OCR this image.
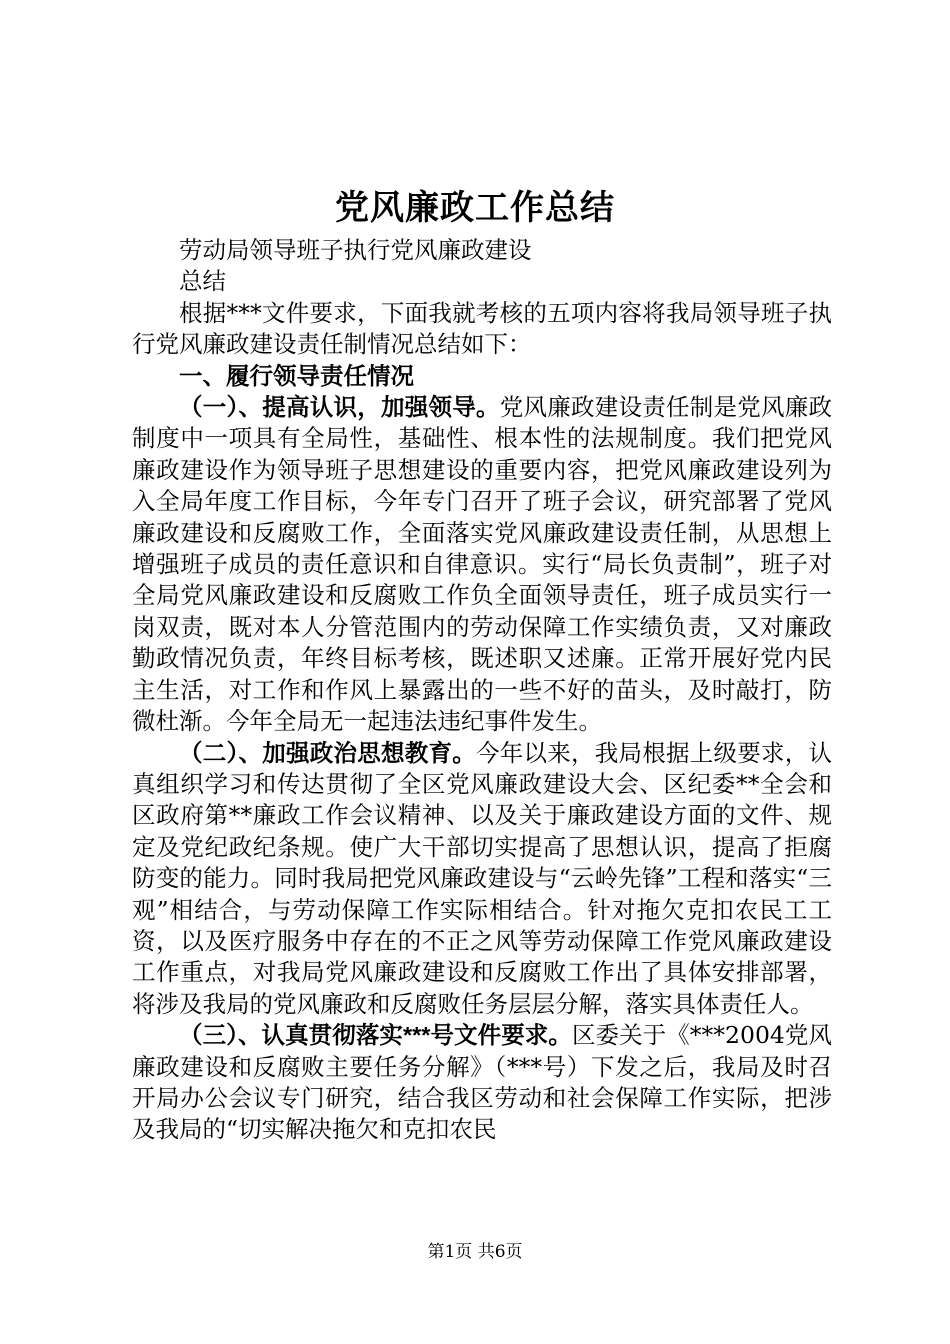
党风廉政工作总结

劳动局领导班子执行党风廉政建设

总结

根据***文件要求，下面我就考核的五项内容将我局领导班子执行党风廉政建设责任制情况总结如下：

一、履行领导责任情况

（一）、提高认识，加强领导。党风廉政建设责任制是党风廉政制度中一项具有全局性，基础性、根本性的法规制度。我们把党风廉政建设作为领导班子思想建设的重要内容，把党风廉政建设列为入全局年度工作目标，今年专门召开了班子会议，研究部署了党风廉政建设和反腐败工作，全面落实党风廉政建设责任制，从思想上增强班子成员的责任意识和自律意识。实行“局长负责制”，班子对全局党风廉政建设和反腐败工作负全面领导责任，班子成员实行一岗双责，既对本人分管范围内的劳动保障工作实绩负责，又对廉政勤政情况负责，年终目标考核，既述职又述廉。正常开展好党内民主生活，对工作和作风上暴露出的一些不好的苗头，及时敲打，防微杜渐。今年全局无一起违法违纪事件发生。

（二）、加强政治思想教育。今年以来，我局根据上级要求，认真组织学习和传达贯彻了全区党风廉政建设大会、区纪委**全会和区政府第**廉政工作会议精神、以及关于廉政建设方面的文件、规定及党纪政纪条规。使广大干部切实提高了思想认识，提高了拒腐防变的能力。同时我局把党风廉政建设与“云岭先锋”工程和落实“三观”相结合，与劳动保障工作实际相结合。针对拖欠克扣农民工工资，以及医疗服务中存在的不正之风等劳动保障工作党风廉政建设工作重点，对我局党风廉政建设和反腐败工作出了具体安排部署，将涉及我局的党风廉政和反腐败任务层层分解，落实具体责任人。

（三）、认真贯彻落实***号文件要求。区委关于《***2004党风廉政建设和反腐败主要任务分解》（***号）下发之后，我局及时召开局办公会议专门研究，结合我区劳动和社会保障工作实际，把涉及我局的“切实解决拖欠和克扣农民

第1页 共6页
